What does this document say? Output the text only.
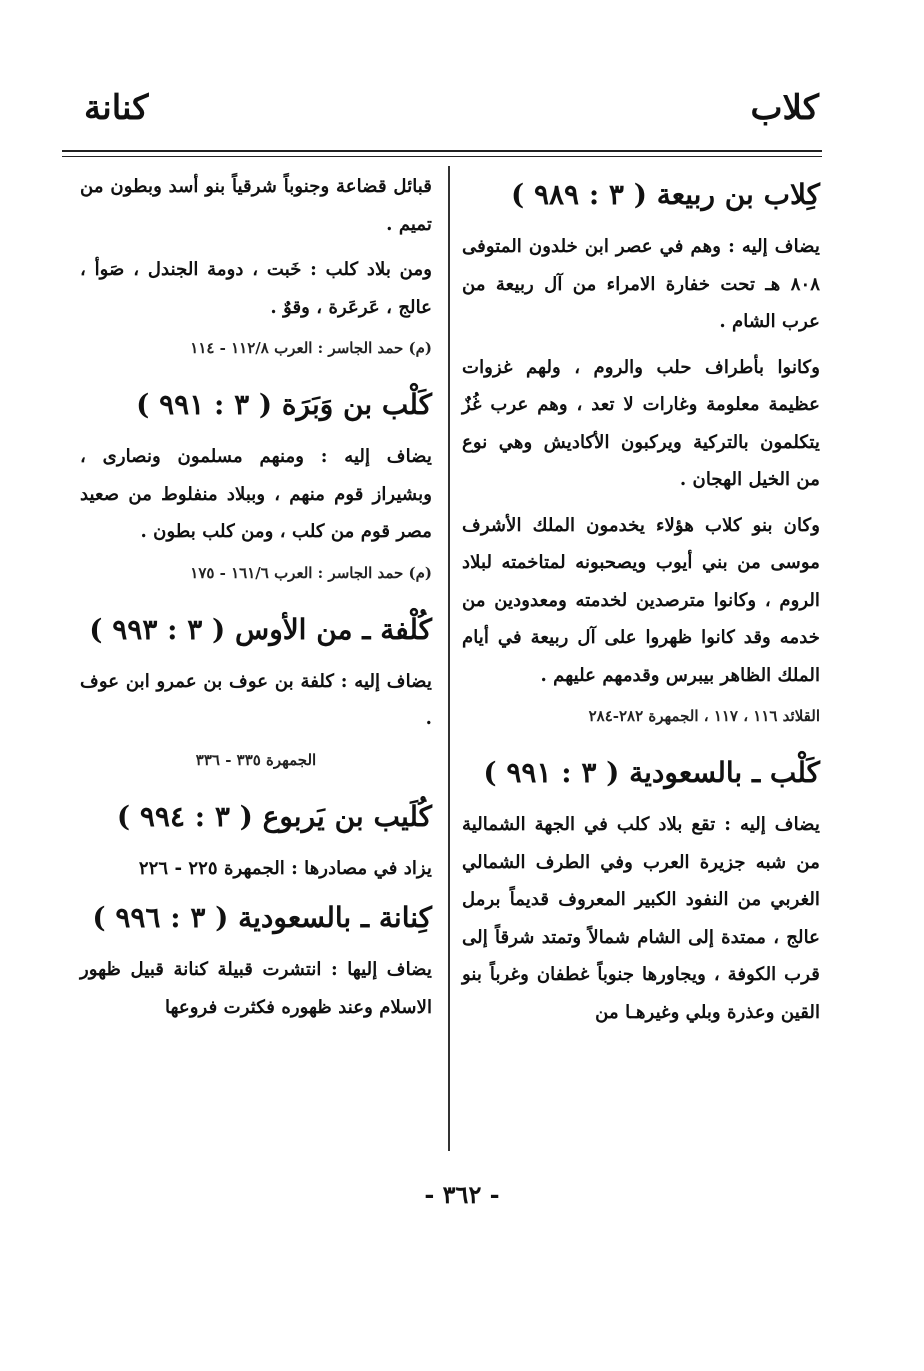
كلاب
كنانة
كِلاب بن ربيعة ( ٣ : ٩٨٩ )

يضاف إليه : وهم في عصر ابن خلدون المتوفى ٨٠٨ هـ تحت خفارة الامراء من آل ربيعة من عرب الشام .

وكانوا بأطراف حلب والروم ، ولهم غزوات عظيمة معلومة وغارات لا تعد ، وهم عرب غُزٌ يتكلمون بالتركية ويركبون الأكاديش وهي نوع من الخيل الهجان .

وكان بنو كلاب هؤلاء يخدمون الملك الأشرف موسى من بني أيوب ويصحبونه لمتاخمته لبلاد الروم ، وكانوا مترصدين لخدمته ومعدودين من خدمه وقد كانوا ظهروا على آل ربيعة في أيام الملك الظاهر بيبرس وقدمهم عليهم .

القلائد ١١٦ ، ١١٧ ، الجمهرة ٢٨٢-٢٨٤
كَلْب ـ بالسعودية ( ٣ : ٩٩١ )

يضاف إليه : تقع بلاد كلب في الجهة الشمالية من شبه جزيرة العرب وفي الطرف الشمالي الغربي من النفود الكبير المعروف قديماً برمل عالج ، ممتدة إلى الشام شمالاً وتمتد شرقاً إلى قرب الكوفة ، ويجاورها جنوباً غطفان وغرباً بنو القين وعذرة وبلي وغيرهـا من

قبائل قضاعة وجنوباً شرقياً بنو أسد وبطون من تميم .

ومن بلاد كلب : خَبت ، دومة الجندل ، صَوأ ، عالج ، عَرعَرة ، وقوٌ .

(م) حمد الجاسر : العرب ١١٢/٨ - ١١٤
كَلْب بن وَبَرَة ( ٣ : ٩٩١ )

يضاف إليه : ومنهم مسلمون ونصارى ، وبشيراز قوم منهم ، وببلاد منفلوط من صعيد مصر قوم من كلب ، ومن كلب بطون .

(م) حمد الجاسر : العرب ١٦١/٦ - ١٧٥
كُلْفة ـ من الأوس ( ٣ : ٩٩٣ )

يضاف إليه : كلفة بن عوف بن عمرو ابن عوف .

الجمهرة ٣٣٥ - ٣٣٦
كُلَيب بن يَربوع ( ٣ : ٩٩٤ )

يزاد في مصادرها : الجمهرة ٢٢٥ - ٢٢٦

كِنانة ـ بالسعودية ( ٣ : ٩٩٦ )

يضاف إليها : انتشرت قبيلة كنانة قبيل ظهور الاسلام وعند ظهوره فكثرت فروعها

- ٣٦٢ -
